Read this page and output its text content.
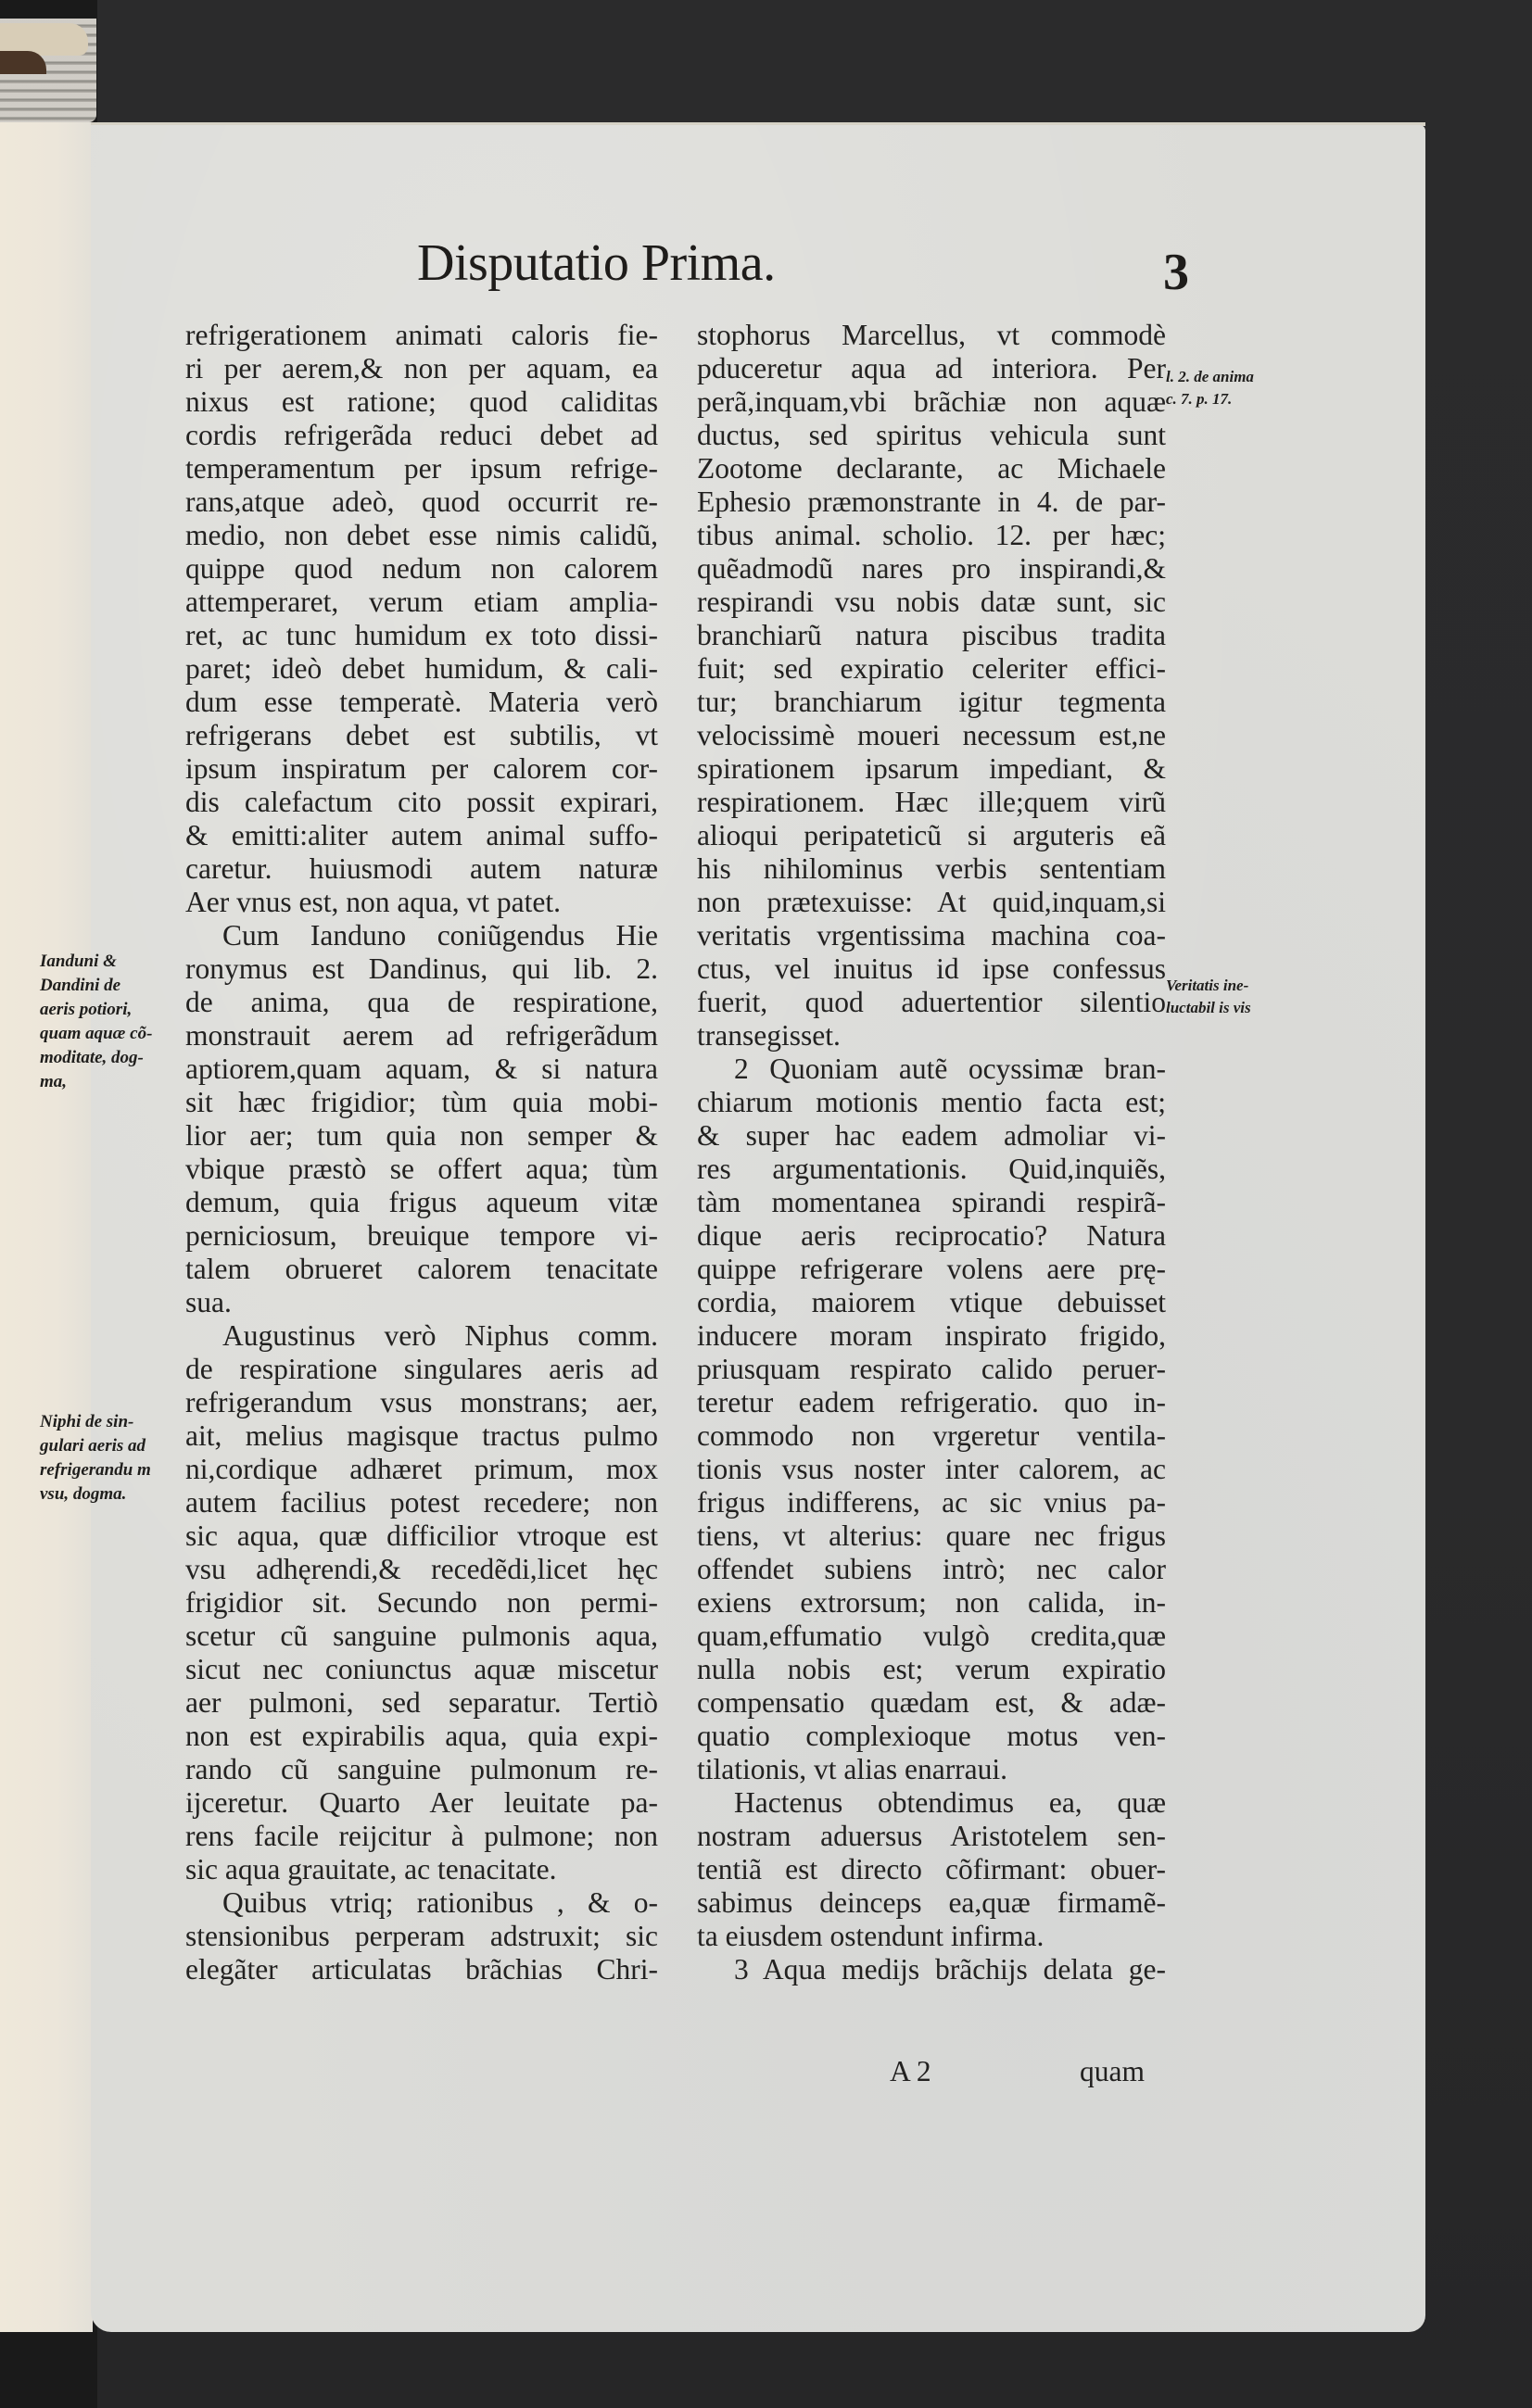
Disputatio Prima.	3
refrigerationem animati caloris fie-
ri per aerem,& non per aquam, ea
nixus est ratione; quod caliditas
cordis refrigerãda reduci debet ad
temperamentum per ipsum refrige-
rans,atque adeò, quod occurrit re-
medio, non debet esse nimis calidũ,
quippe quod nedum non calorem
attemperaret, verum etiam amplia-
ret, ac tunc humidum ex toto dissi-
paret; ideò debet humidum, & cali-
dum esse temperatè. Materia verò
refrigerans debet est subtilis, vt
ipsum inspiratum per calorem cor-
dis calefactum cito possit expirari,
& emitti:aliter autem animal suffo-
caretur. huiusmodi autem naturæ
Aer vnus est, non aqua, vt patet.
Cum Ianduno coniũgendus Hie
ronymus est Dandinus, qui lib. 2.
de anima, qua de respiratione,
monstrauit aerem ad refrigerãdum
aptiorem,quam aquam, & si natura
sit hæc frigidior; tùm quia mobi-
lior aer; tum quia non semper &
vbique præstò se offert aqua; tùm
demum, quia frigus aqueum vitæ
perniciosum, breuique tempore vi-
talem obrueret calorem tenacitate
sua.
Augustinus verò Niphus comm.
de respiratione singulares aeris ad
refrigerandum vsus monstrans; aer,
ait, melius magisque tractus pulmo
ni,cordique adhæret primum, mox
autem facilius potest recedere; non
sic aqua, quæ difficilior vtroque est
vsu adhęrendi,& recedẽdi,licet hęc
frigidior sit. Secundo non permi-
scetur cũ sanguine pulmonis aqua,
sicut nec coniunctus aquæ miscetur
aer pulmoni, sed separatur. Tertiò
non est expirabilis aqua, quia expi-
rando cũ sanguine pulmonum re-
ijceretur. Quarto Aer leuitate pa-
rens facile reijcitur à pulmone; non
sic aqua grauitate, ac tenacitate.
Quibus vtriq; rationibus , & o-
stensionibus perperam adstruxit; sic
elegãter articulatas brãchias Chri-
stophorus Marcellus, vt commodè
pduceretur aqua ad interiora. Per
perã,inquam,vbi brãchiæ non aquæ
ductus, sed spiritus vehicula sunt
Zootome declarante, ac Michaele
Ephesio præmonstrante in 4. de par-
tibus animal. scholio. 12. per hæc;
quẽadmodũ nares pro inspirandi,&
respirandi vsu nobis datæ sunt, sic
branchiarũ natura piscibus tradita
fuit; sed expiratio celeriter effici-
tur; branchiarum igitur tegmenta
velocissimè moueri necessum est,ne
spirationem ipsarum impediant, &
respirationem. Hæc ille;quem virũ
alioqui peripateticũ si arguteris eã
his nihilominus verbis sententiam
non prætexuisse: At quid,inquam,si
veritatis vrgentissima machina coa-
ctus, vel inuitus id ipse confessus
fuerit, quod aduertentior silentio
transegisset.
2 Quoniam autẽ ocyssimæ bran-
chiarum motionis mentio facta est;
& super hac eadem admoliar vi-
res argumentationis. Quid,inquiẽs,
tàm momentanea spirandi respirã-
dique aeris reciprocatio? Natura
quippe refrigerare volens aere prę-
cordia, maiorem vtique debuisset
inducere moram inspirato frigido,
priusquam respirato calido peruer-
teretur eadem refrigeratio. quo in-
commodo non vrgeretur ventila-
tionis vsus noster inter calorem, ac
frigus indifferens, ac sic vnius pa-
tiens, vt alterius: quare nec frigus
offendet subiens intrò; nec calor
exiens extrorsum; non calida, in-
quam,effumatio vulgò credita,quæ
nulla nobis est; verum expiratio
compensatio quædam est, & adæ-
quatio complexioque motus ven-
tilationis, vt alias enarraui.
Hactenus obtendimus ea, quæ
nostram aduersus Aristotelem sen-
tentiã est directo cõfirmant: obuer-
sabimus deinceps ea,quæ firmamẽ-
ta eiusdem ostendunt infirma.
3 Aqua medijs brãchijs delata ge-
Ianduni &
Dandini de
aeris potiori,
quam aquæ cõ-
moditate, dog-
ma,
Niphi de sin-
gulari aeris ad
refrigerandu m
vsu, dogma.
l. 2. de anima
c. 7. p. 17.
Veritatis ine-
luctabil is vis
A 2	quam
